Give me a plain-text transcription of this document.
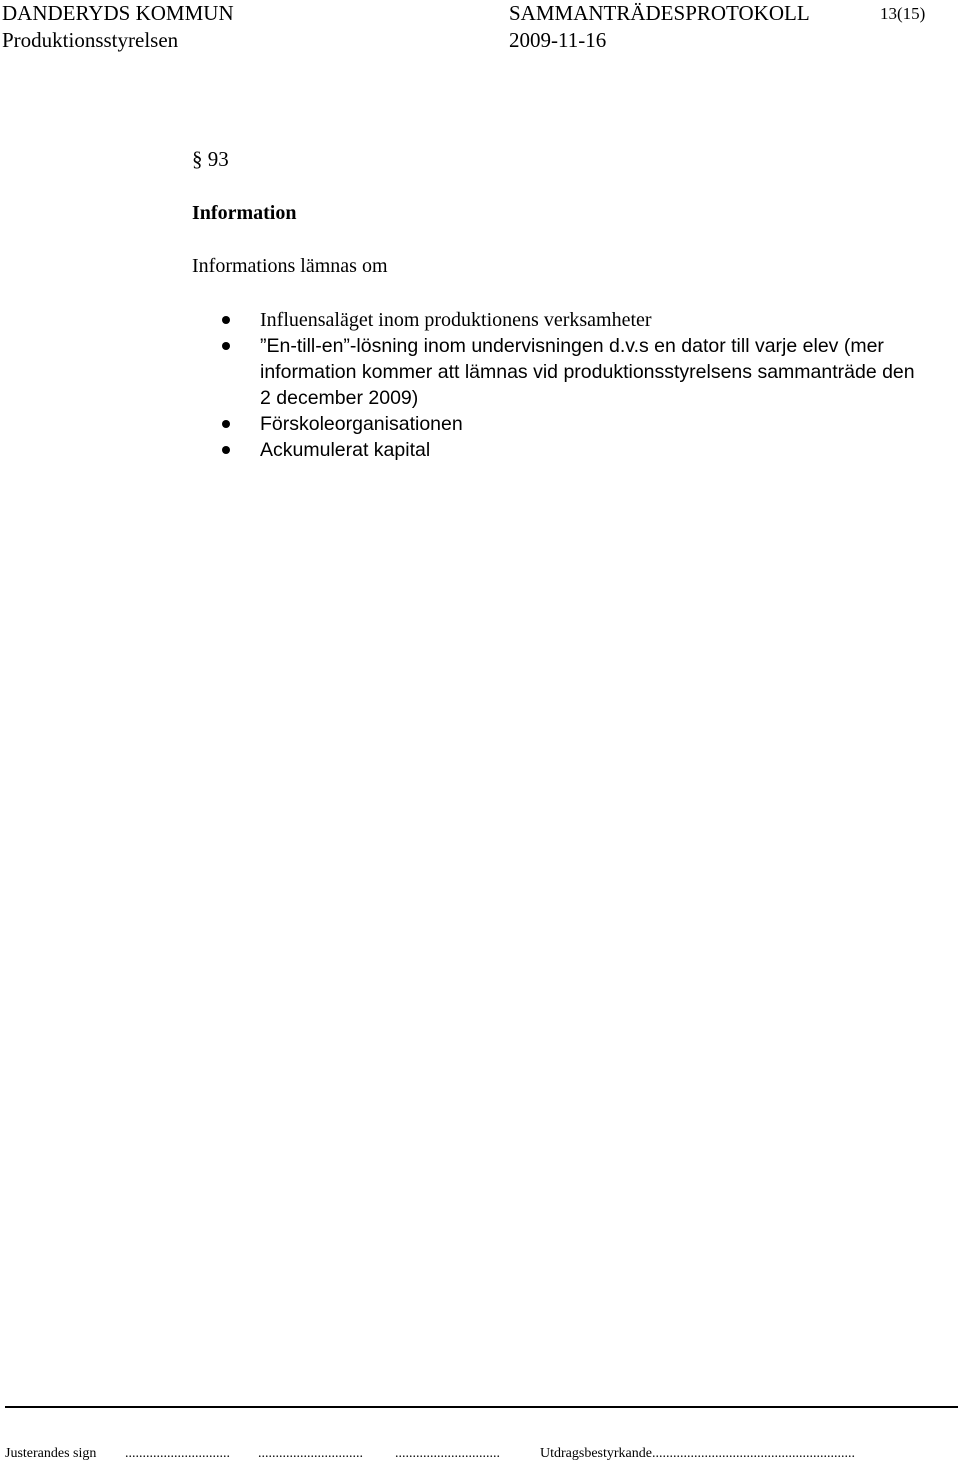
DANDERYDS KOMMUN
Produktionsstyrelsen
SAMMANTRÄDESPROTOKOLL
2009-11-16
13(15)
§ 93
Information
Informations lämnas om
Influensaläget inom produktionens verksamheter
”En-till-en”-lösning inom undervisningen d.v.s en dator till varje elev (mer information kommer att lämnas vid produktionsstyrelsens sammanträde den 2 december 2009)
Förskoleorganisationen
Ackumulerat kapital
Justerandes sign .............................. .............................. ..............................	Utdragsbestyrkande..........................................................
